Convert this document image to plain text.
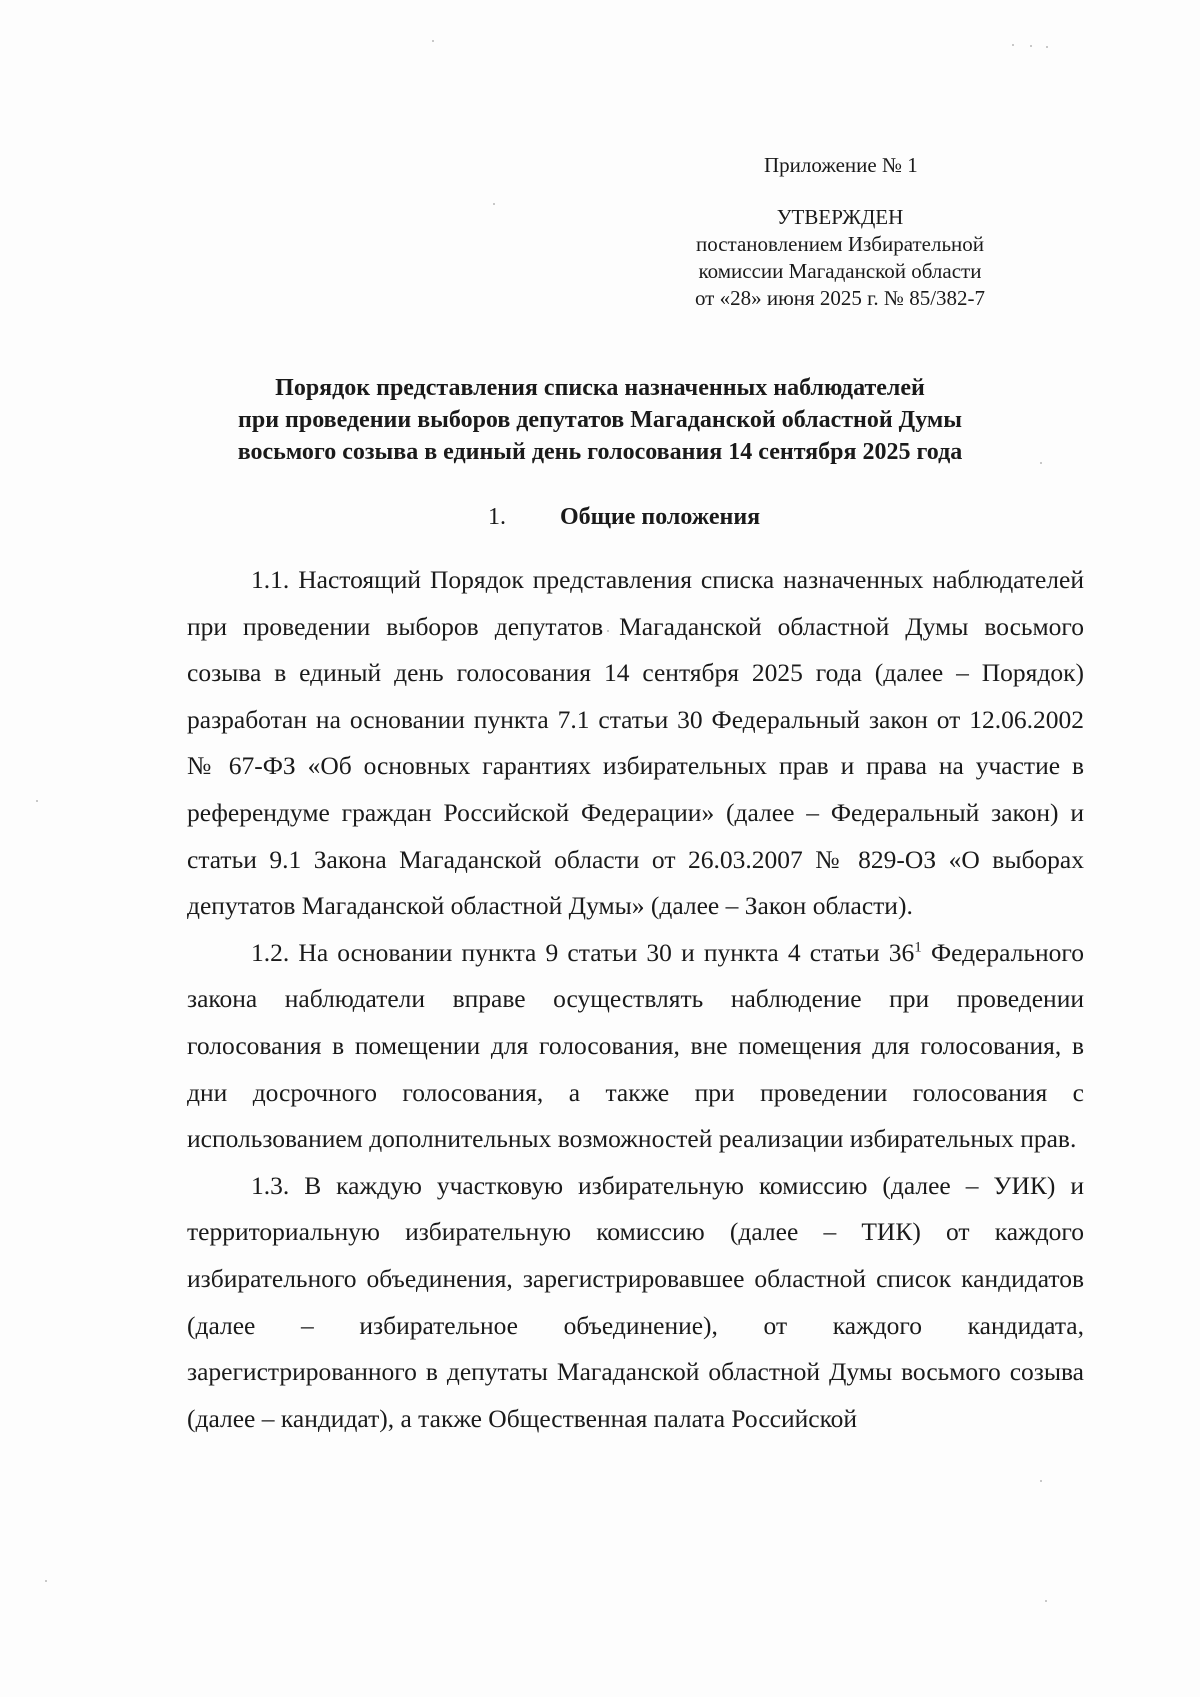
Приложение № 1
УТВЕРЖДЕН
постановлением Избирательной
комиссии Магаданской области
от «28» июня 2025 г. № 85/382-7
Порядок представления списка назначенных наблюдателей
при проведении выборов депутатов Магаданской областной Думы
восьмого созыва в единый день голосования 14 сентября 2025 года
1. Общие положения

1.1. Настоящий Порядок представления списка назначенных наблюдателей при проведении выборов депутатов Магаданской областной Думы восьмого созыва в единый день голосования 14 сентября 2025 года (далее – Порядок) разработан на основании пункта 7.1 статьи 30 Федеральный закон от 12.06.2002 № 67-ФЗ «Об основных гарантиях избирательных прав и права на участие в референдуме граждан Российской Федерации» (далее – Федеральный закон) и статьи 9.1 Закона Магаданской области от 26.03.2007 № 829-ОЗ «О выборах депутатов Магаданской областной Думы» (далее – Закон области).

1.2. На основании пункта 9 статьи 30 и пункта 4 статьи $36^1$ Федерального закона наблюдатели вправе осуществлять наблюдение при проведении голосования в помещении для голосования, вне помещения для голосования, в дни досрочного голосования, а также при проведении голосования с использованием дополнительных возможностей реализации избирательных прав.

1.3. В каждую участковую избирательную комиссию (далее – УИК) и территориальную избирательную комиссию (далее – ТИК) от каждого избирательного объединения, зарегистрировавшее областной список кандидатов (далее – избирательное объединение), от каждого кандидата, зарегистрированного в депутаты Магаданской областной Думы восьмого созыва (далее – кандидат), а также Общественная палата Российской
